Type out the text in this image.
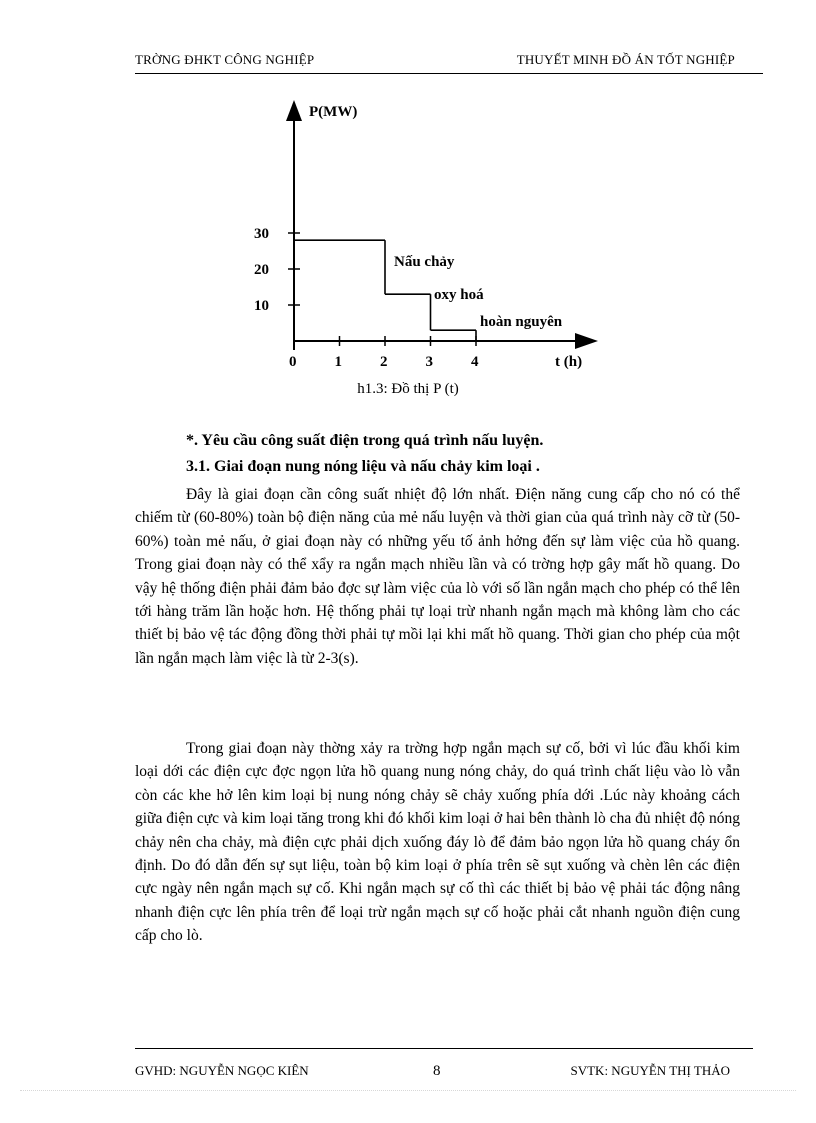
TRỜNG ĐHKT CÔNG NGHIỆP	THUYẾT MINH ĐỒ ÁN TỐT NGHIỆP
P(MW)
t (h)
0	1	2	3	4
10
20
30
Nấu chảy
oxy hoá
hoàn nguyên
h1.3: Đồ thị P (t)
*. Yêu cầu công suất điện trong quá trình nấu luyện.
3.1. Giai đoạn nung nóng liệu và nấu chảy kim loại .

Đây là giai đoạn cần công suất nhiệt độ lớn nhất. Điện năng cung cấp cho nó có thể chiếm từ (60-80%) toàn bộ điện năng của mẻ nấu luyện và thời gian của quá trình này cỡ từ (50-60%) toàn mẻ nấu, ở giai đoạn này có những yếu tố ảnh hởng đến sự làm việc của hồ quang. Trong giai đoạn này có thể xẩy ra ngắn mạch nhiều lần và có trờng hợp gây mất hồ quang. Do vậy hệ thống điện phải đảm bảo đợc sự làm việc của lò với số lần ngắn mạch cho phép có thể lên tới hàng trăm lần hoặc hơn. Hệ thống phải tự loại trừ nhanh ngắn mạch mà không làm cho các thiết bị bảo vệ tác động đồng thời phải tự mồi lại khi mất hồ quang. Thời gian cho phép của một lần ngắn mạch làm việc là từ 2-3(s).

Trong giai đoạn này thờng xảy ra trờng hợp ngắn mạch sự cố, bởi vì lúc đầu khối kim loại dới các điện cực đợc ngọn lửa hồ quang nung nóng chảy, do quá trình chất liệu vào lò vẫn còn các khe hở lên kim loại bị nung nóng chảy sẽ chảy xuống phía dới .Lúc này khoảng cách giữa điện cực và kim loại tăng trong khi đó khối kim loại ở hai bên thành lò cha đủ nhiệt độ nóng chảy nên cha chảy, mà điện cực phải dịch xuống đáy lò để đảm bảo ngọn lửa hồ quang cháy ổn định. Do đó dẫn đến sự sụt liệu, toàn bộ kim loại ở phía trên sẽ sụt xuống và chèn lên các điện cực ngày nên ngắn mạch sự cố. Khi ngắn mạch sự cố thì các thiết bị bảo vệ phải tác động nâng nhanh điện cực lên phía trên để loại trừ ngắn mạch sự cố hoặc phải cắt nhanh nguồn điện cung cấp cho lò.

GVHD: NGUYỄN NGỌC KIÊN	8	SVTK: NGUYỄN THỊ THẢO
